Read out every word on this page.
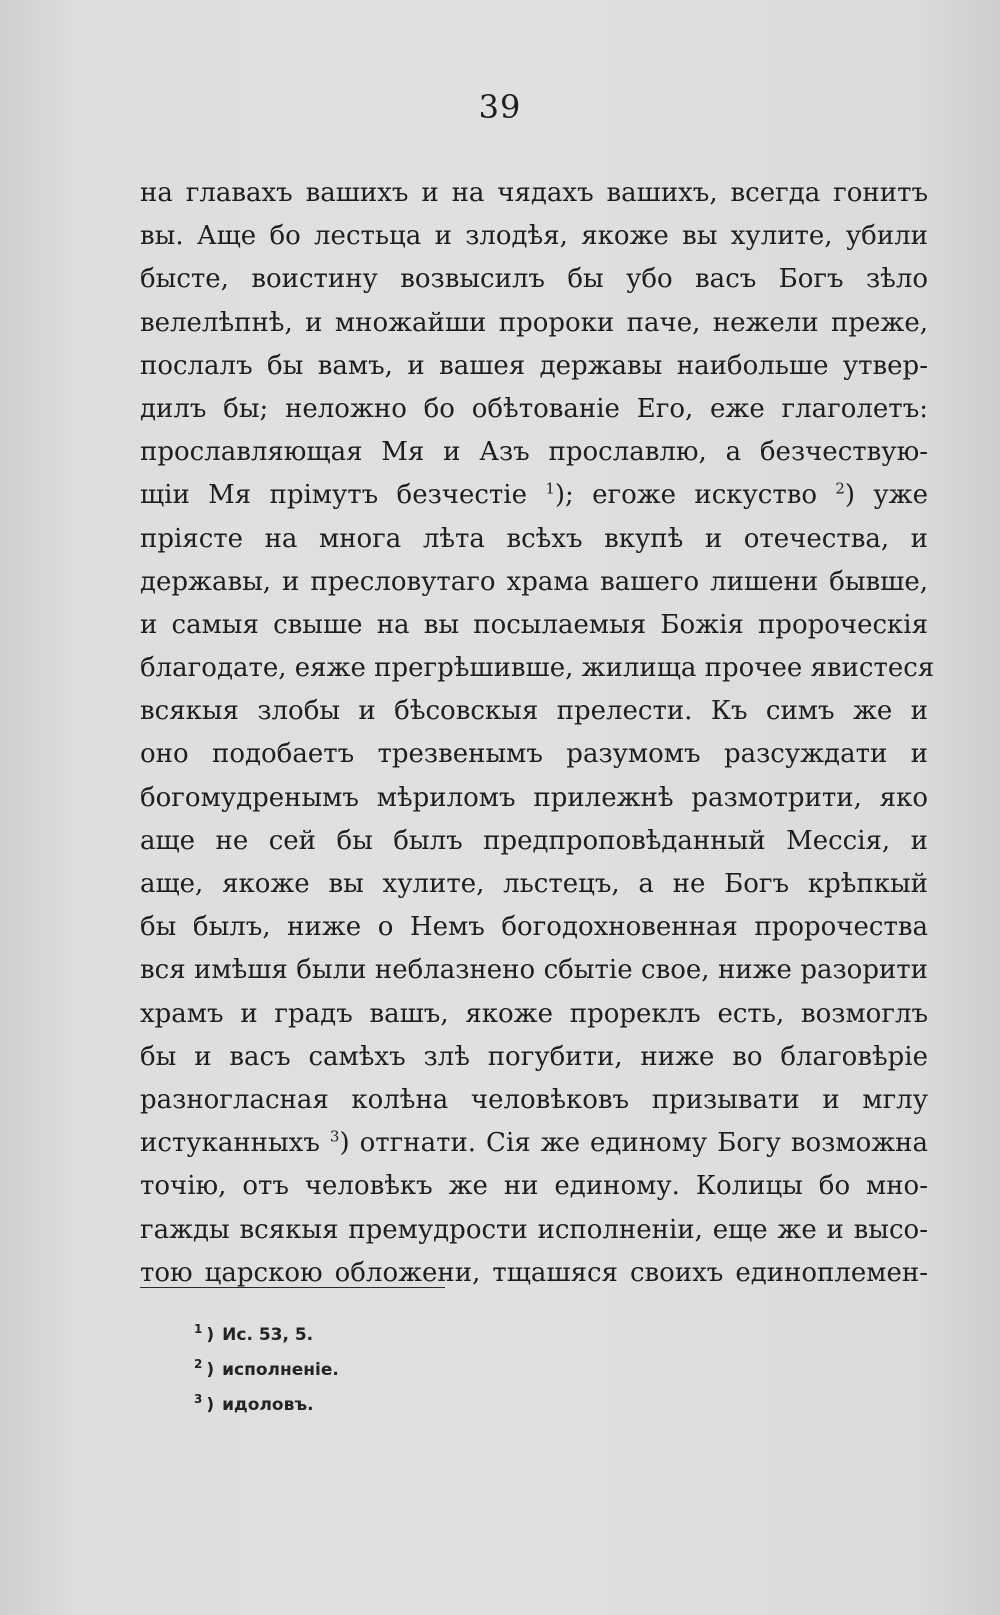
39
на главахъ вашихъ и на чядахъ вашихъ, всегда гонитъ
вы. Аще бо лестьца и злодѣя, якоже вы хулите, убили
бысте, воистину возвысилъ бы убо васъ Богъ зѣло
велелѣпнѣ, и множайши пророки паче, нежели преже,
послалъ бы вамъ, и вашея державы наибольше утвер-
дилъ бы; неложно бо обѣтованіе Его, еже глаголетъ:
прославляющая Мя и Азъ прославлю, а безчествую-
щіи Мя прімутъ безчестіе $^1$); егоже искуство $^2$) уже
пріясте на многа лѣта всѣхъ вкупѣ и отечества, и
державы, и пресловутаго храма вашего лишени бывше,
и самыя свыше на вы посылаемыя Божія пророческія
благодате, еяже прегрѣшивше, жилища прочее явистеся
всякыя злобы и бѣсовскыя прелести. Къ симъ же и
оно подобаетъ трезвенымъ разумомъ разсуждати и
богомудренымъ мѣриломъ прилежнѣ размотрити, яко
аще не сей бы былъ предпроповѣданный Мессія, и
аще, якоже вы хулите, льстецъ, а не Богъ крѣпкый
бы былъ, ниже о Немъ богодохновенная пророчества
вся имѣшя были неблазнено сбытіе свое, ниже разорити
храмъ и градъ вашъ, якоже прореклъ есть, возмоглъ
бы и васъ самѣхъ злѣ погубити, ниже во благовѣріе
разногласная колѣна человѣковъ призывати и мглу
истуканныхъ $^3$) отгнати. Сія же единому Богу возможна
точію, отъ человѣкъ же ни единому. Колицы бо мно-
гажды всякыя премудрости исполненіи, еще же и высо-
тою царскою обложени, тщашяся своихъ единоплемен-
$^1$ ) Ис. 53, 5.
$^2$ ) исполненіе.
$^3$ ) идоловъ.
